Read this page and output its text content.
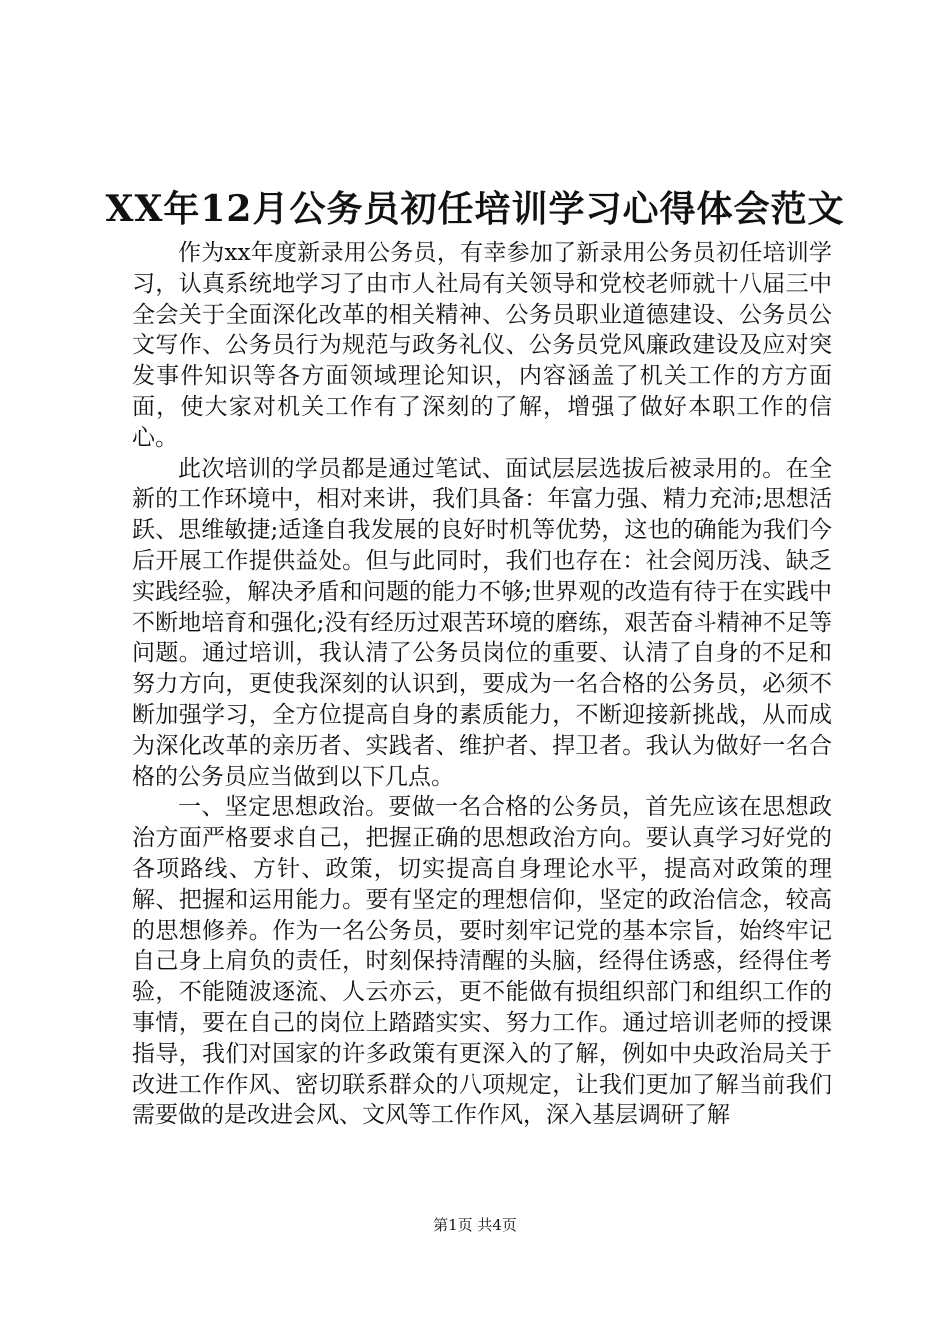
XX年12月公务员初任培训学习心得体会范文

作为xx年度新录用公务员，有幸参加了新录用公务员初任培训学习，认真系统地学习了由市人社局有关领导和党校老师就十八届三中全会关于全面深化改革的相关精神、公务员职业道德建设、公务员公文写作、公务员行为规范与政务礼仪、公务员党风廉政建设及应对突发事件知识等各方面领域理论知识，内容涵盖了机关工作的方方面面，使大家对机关工作有了深刻的了解，增强了做好本职工作的信心。

此次培训的学员都是通过笔试、面试层层选拔后被录用的。在全新的工作环境中，相对来讲，我们具备：年富力强、精力充沛;思想活跃、思维敏捷;适逢自我发展的良好时机等优势，这也的确能为我们今后开展工作提供益处。但与此同时，我们也存在：社会阅历浅、缺乏实践经验，解决矛盾和问题的能力不够;世界观的改造有待于在实践中不断地培育和强化;没有经历过艰苦环境的磨练，艰苦奋斗精神不足等问题。通过培训，我认清了公务员岗位的重要、认清了自身的不足和努力方向，更使我深刻的认识到，要成为一名合格的公务员，必须不断加强学习，全方位提高自身的素质能力，不断迎接新挑战，从而成为深化改革的亲历者、实践者、维护者、捍卫者。我认为做好一名合格的公务员应当做到以下几点。

一、坚定思想政治。要做一名合格的公务员，首先应该在思想政治方面严格要求自己，把握正确的思想政治方向。要认真学习好党的各项路线、方针、政策，切实提高自身理论水平，提高对政策的理解、把握和运用能力。要有坚定的理想信仰，坚定的政治信念，较高的思想修养。作为一名公务员，要时刻牢记党的基本宗旨，始终牢记自己身上肩负的责任，时刻保持清醒的头脑，经得住诱惑，经得住考验，不能随波逐流、人云亦云，更不能做有损组织部门和组织工作的事情，要在自己的岗位上踏踏实实、努力工作。通过培训老师的授课指导，我们对国家的许多政策有更深入的了解，例如中央政治局关于改进工作作风、密切联系群众的八项规定，让我们更加了解当前我们需要做的是改进会风、文风等工作作风，深入基层调研了解

第1页 共4页
